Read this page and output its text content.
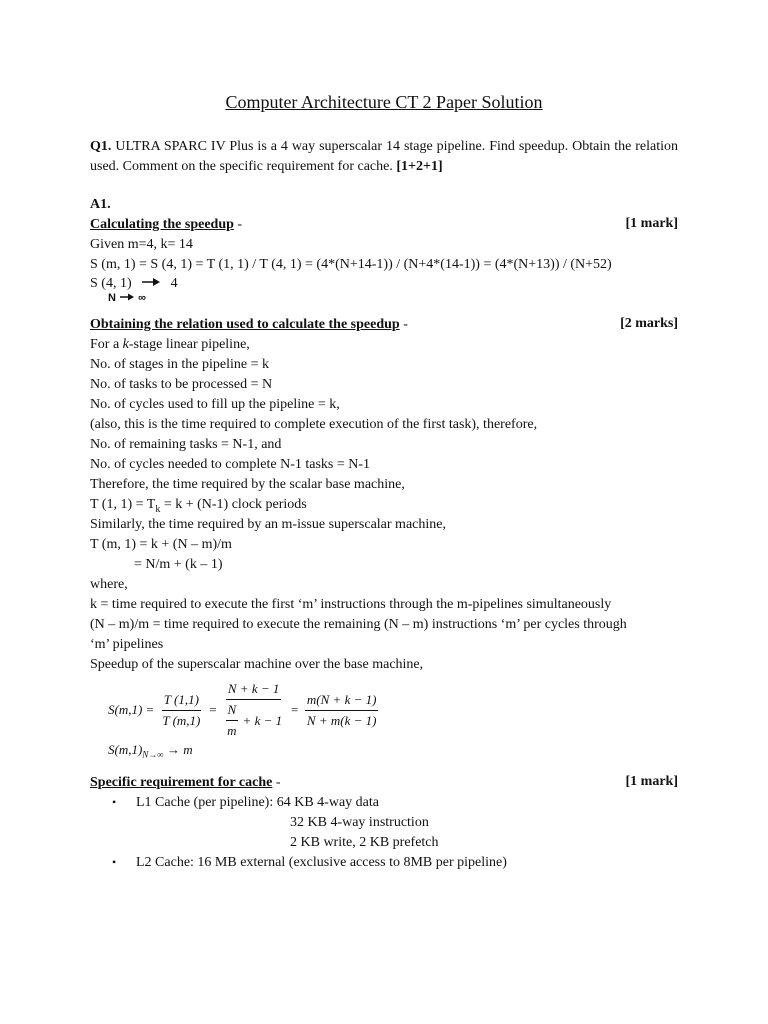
Computer Architecture CT 2 Paper Solution
Q1. ULTRA SPARC IV Plus is a 4 way superscalar 14 stage pipeline. Find speedup. Obtain the relation used. Comment on the specific requirement for cache. [1+2+1]
A1.
Calculating the speedup -	[1 mark]
Given m=4, k= 14
S (m, 1) = S (4, 1) = T (1, 1) / T (4, 1) = (4*(N+14-1)) / (N+4*(14-1)) = (4*(N+13)) / (N+52)
S (4, 1)	4
N ∞
Obtaining the relation used to calculate the speedup -	[2 marks]
For a k-stage linear pipeline,
No. of stages in the pipeline = k
No. of tasks to be processed = N
No. of cycles used to fill up the pipeline = k,
(also, this is the time required to complete execution of the first task), therefore,
No. of remaining tasks = N-1, and
No. of cycles needed to complete N-1 tasks = N-1
Therefore, the time required by the scalar base machine,
T (1, $1) = T_k = k + (N-1)$ clock periods
Similarly, the time required by an m-issue superscalar machine,
T (m, 1) = k + (N – m)/m
= N/m + (k – 1)
where,
k = time required to execute the first ‘m’ instructions through the m-pipelines simultaneously
(N – m)/m = time required to execute the remaining (N – m) instructions ‘m’ per cycles through
‘m’ pipelines
Speedup of the superscalar machine over the base machine,
$S(m,1) = \frac{T (1,1)}{T (m,1)} = \frac{N + k - 1}{\frac{N}{m} + k - 1} = \frac{m(N + k - 1)}{N + m(k - 1)}$
$S(m,1)_{N\to\infty} \to m$
Specific requirement for cache -	[1 mark]
• L1 Cache (per pipeline): 64 KB 4-way data
32 KB 4-way instruction
2 KB write, 2 KB prefetch
• L2 Cache: 16 MB external (exclusive access to 8MB per pipeline)
